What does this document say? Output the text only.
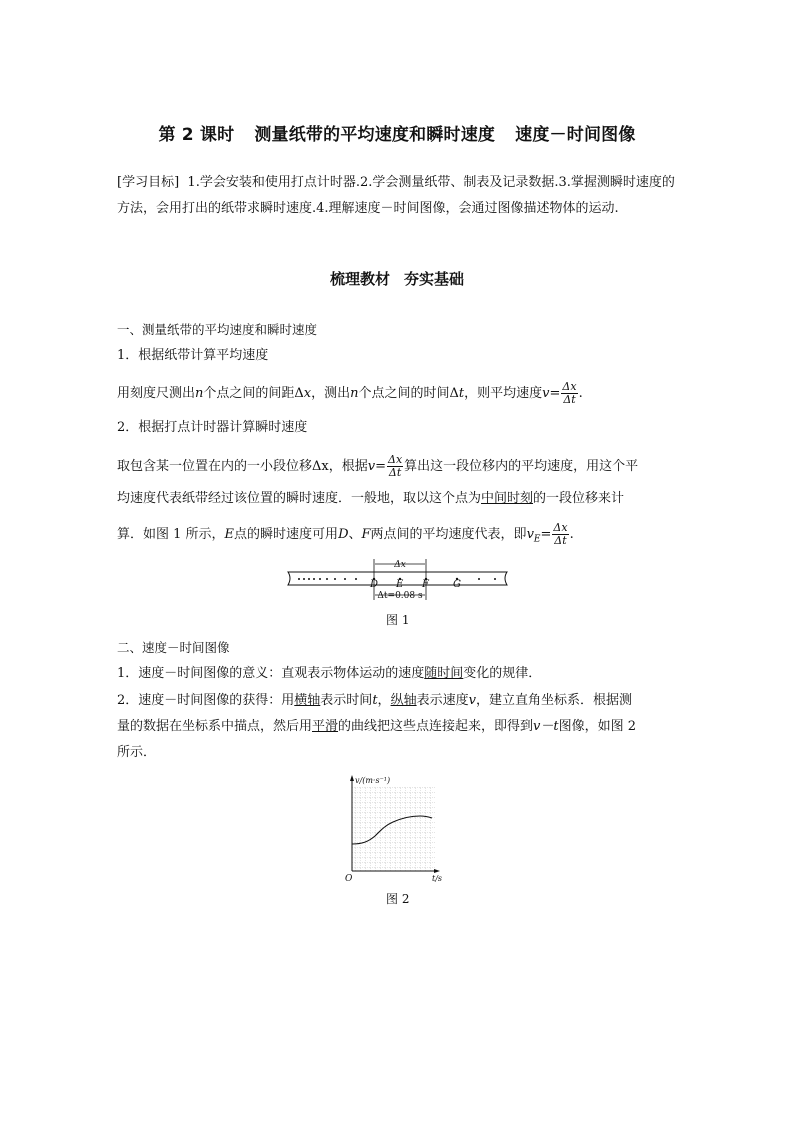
第 2 课时 测量纸带的平均速度和瞬时速度 速度－时间图像
[学习目标] 1.学会安装和使用打点计时器.2.学会测量纸带、制表及记录数据.3.掌握测瞬时速度的方法，会用打出的纸带求瞬时速度.4.理解速度－时间图像，会通过图像描述物体的运动.
梳理教材 夯实基础
一、测量纸带的平均速度和瞬时速度
1．根据纸带计算平均速度
用刻度尺测出n个点之间的间距Δx，测出n个点之间的时间Δt，则平均速度$v= \frac{\Delta x}{\Delta t}$ .
2．根据打点计时器计算瞬时速度
取包含某一位置在内的一小段位移Δx，根据$v= \frac{\Delta x}{\Delta t}$ 算出这一段位移内的平均速度，用这个平
均速度代表纸带经过该位置的瞬时速度．一般地，取以这个点为中间时刻的一段位移来计
算．如图 1 所示，E点的瞬时速度可用D、F两点间的平均速度代表，即$v_E= \frac{\Delta x}{\Delta t}$ .
Δx
Δt=0.08 s
D E F G
图 1
二、速度－时间图像
1．速度－时间图像的意义：直观表示物体运动的速度随时间变化的规律．
2．速度－时间图像的获得：用横轴表示时间t，纵轴表示速度v，建立直角坐标系．根据测
量的数据在坐标系中描点，然后用平滑的曲线把这些点连接起来，即得到v－t图像，如图 2
所示．
v/(m·s⁻¹)
t/s
O
图 2
